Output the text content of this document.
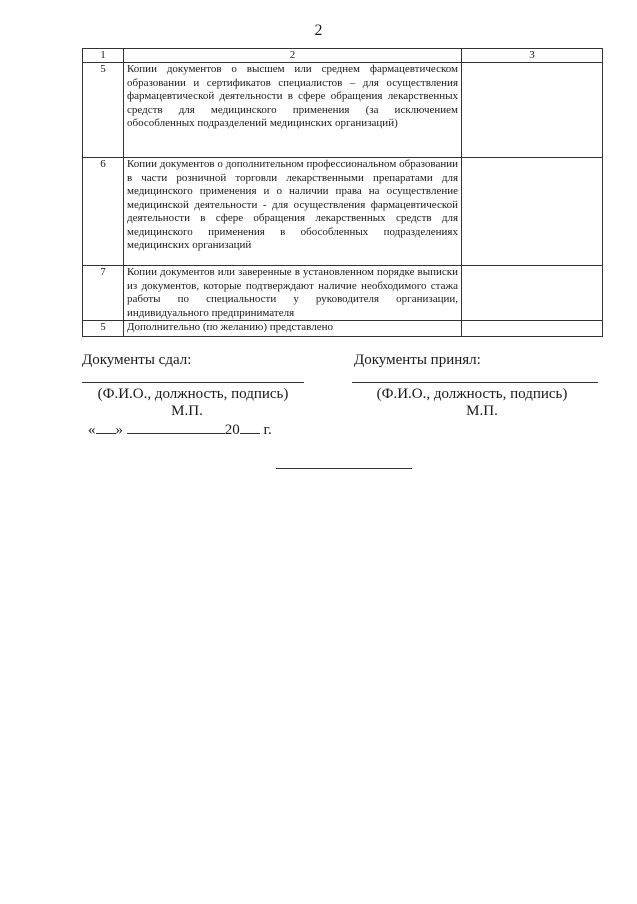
2
1	2	3
5	Копии документов о высшем или среднем фармацевтическом образовании и сертификатов специалистов – для осуществления фармацевтической деятельности в сфере обращения лекарственных средств для медицинского применения (за исключением обособленных подразделений медицинских организаций)	
6	Копии документов о дополнительном профессиональном образовании в части розничной торговли лекарственными препаратами для медицинского применения и о наличии права на осуществление медицинской деятельности - для осуществления фармацевтической деятельности в сфере обращения лекарственных средств для медицинского применения в обособленных подразделениях медицинских организаций	
7	Копии документов или заверенные в установленном порядке выписки из документов, которые подтверждают наличие необходимого стажа работы по специальности у руководителя организации, индивидуального предпринимателя	
5	Дополнительно (по желанию) представлено	
Документы сдал:
(Ф.И.О., должность, подпись)
М.П.
« »	20 г.
Документы принял:
(Ф.И.О., должность, подпись)
М.П.
